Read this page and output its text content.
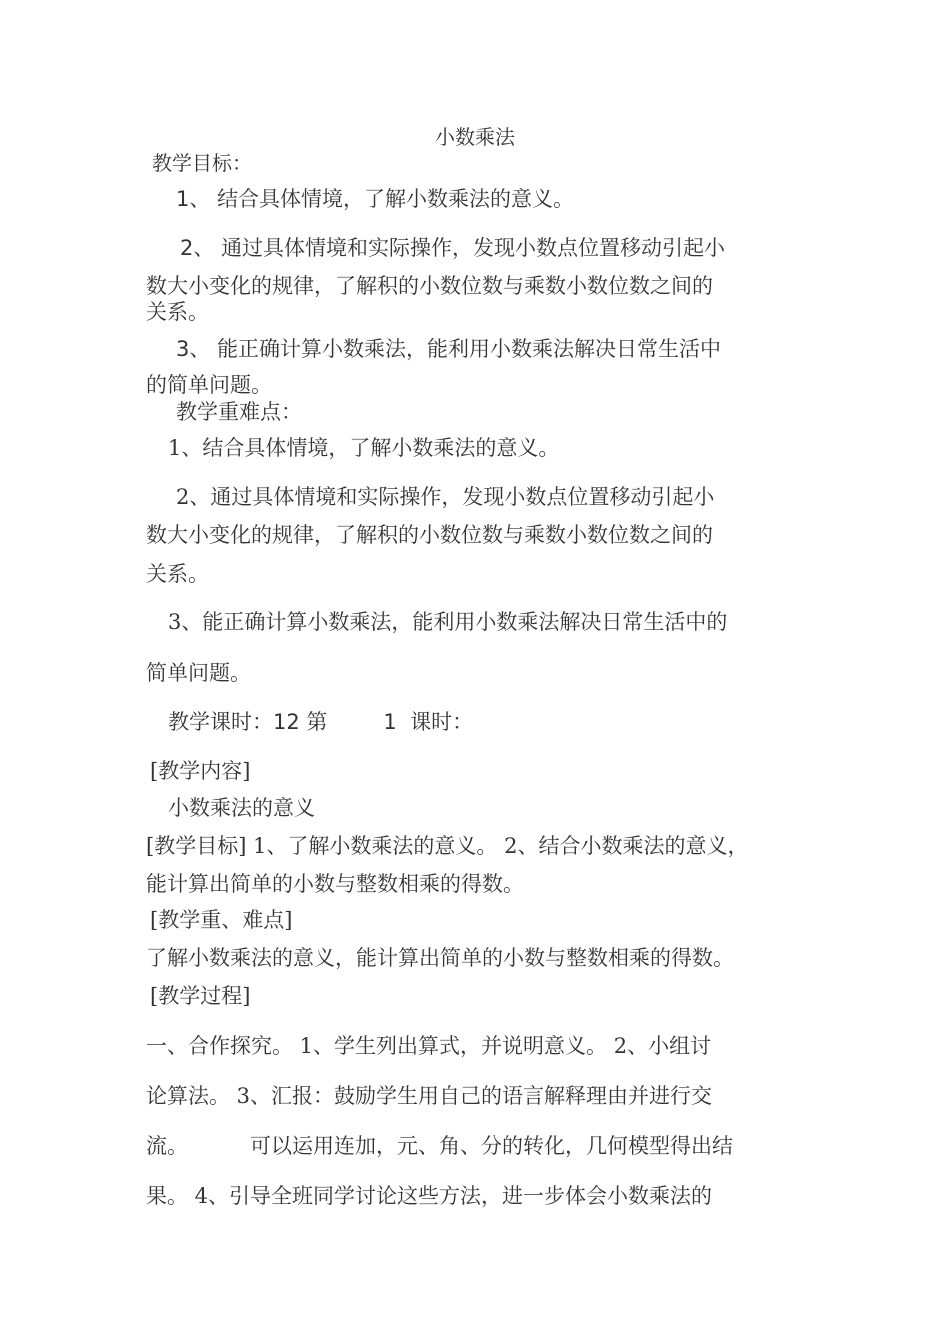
小数乘法

教学目标：

1、 结合具体情境，了解小数乘法的意义。

2、 通过具体情境和实际操作，发现小数点位置移动引起小

数大小变化的规律，了解积的小数位数与乘数小数位数之间的

关系。

3、 能正确计算小数乘法，能利用小数乘法解决日常生活中

的简单问题。

教学重难点：

1、结合具体情境，了解小数乘法的意义。

2、通过具体情境和实际操作，发现小数点位置移动引起小

数大小变化的规律，了解积的小数位数与乘数小数位数之间的

关系。

3、能正确计算小数乘法，能利用小数乘法解决日常生活中的

简单问题。

教学课时：12 第	1 课时：

[教学内容]

小数乘法的意义

[教学目标] 1、了解小数乘法的意义。 2、结合小数乘法的意义，

能计算出简单的小数与整数相乘的得数。

[教学重、难点]

了解小数乘法的意义，能计算出简单的小数与整数相乘的得数。

[教学过程]

一、合作探究。 1、学生列出算式，并说明意义。 2、小组讨

论算法。 3、汇报：鼓励学生用自己的语言解释理由并进行交

流。	可以运用连加，元、角、分的转化，几何模型得出结

果。 4、引导全班同学讨论这些方法，进一步体会小数乘法的
